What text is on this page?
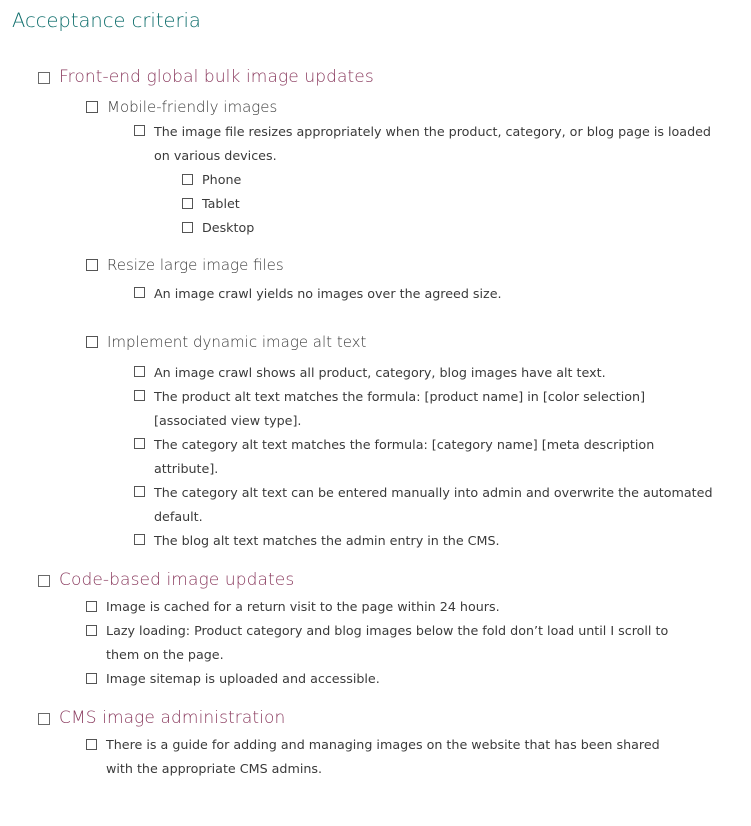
Acceptance criteria
Front-end global bulk image updates
Mobile-friendly images
The image file resizes appropriately when the product, category, or blog page is loaded on various devices.
Phone
Tablet
Desktop
Resize large image files
An image crawl yields no images over the agreed size.
Implement dynamic image alt text
An image crawl shows all product, category, blog images have alt text.
The product alt text matches the formula: [product name] in [color selection] [associated view type].
The category alt text matches the formula: [category name] [meta description attribute].
The category alt text can be entered manually into admin and overwrite the automated default.
The blog alt text matches the admin entry in the CMS.
Code-based image updates
Image is cached for a return visit to the page within 24 hours.
Lazy loading: Product category and blog images below the fold don’t load until I scroll to them on the page.
Image sitemap is uploaded and accessible.
CMS image administration
There is a guide for adding and managing images on the website that has been shared with the appropriate CMS admins.
